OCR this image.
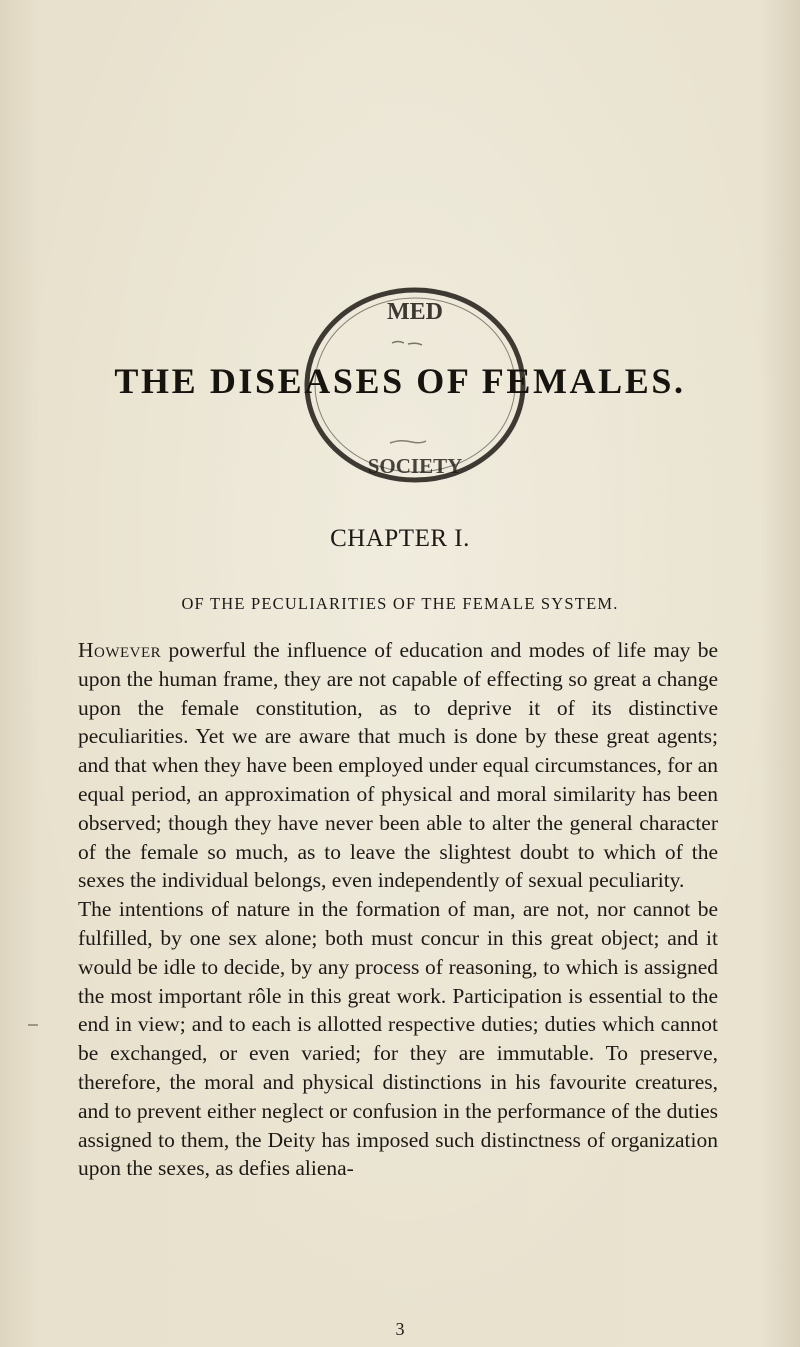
MED
SOCIETY
THE DISEASES OF FEMALES.
CHAPTER I.
OF THE PECULIARITIES OF THE FEMALE SYSTEM.

However powerful the influence of education and modes of life may be upon the human frame, they are not capable of effecting so great a change upon the female constitution, as to deprive it of its distinctive peculiarities. Yet we are aware that much is done by these great agents; and that when they have been employed under equal circumstances, for an equal period, an approximation of physical and moral similarity has been observed; though they have never been able to alter the general character of the female so much, as to leave the slightest doubt to which of the sexes the individual belongs, even independently of sexual peculiarity.

The intentions of nature in the formation of man, are not, nor cannot be fulfilled, by one sex alone; both must concur in this great object; and it would be idle to decide, by any process of reasoning, to which is assigned the most important rôle in this great work. Participation is essential to the end in view; and to each is allotted respective duties; duties which cannot be exchanged, or even varied; for they are immutable. To preserve, therefore, the moral and physical distinctions in his favourite creatures, and to prevent either neglect or confusion in the performance of the duties assigned to them, the Deity has imposed such distinctness of organization upon the sexes, as defies aliena-

3
